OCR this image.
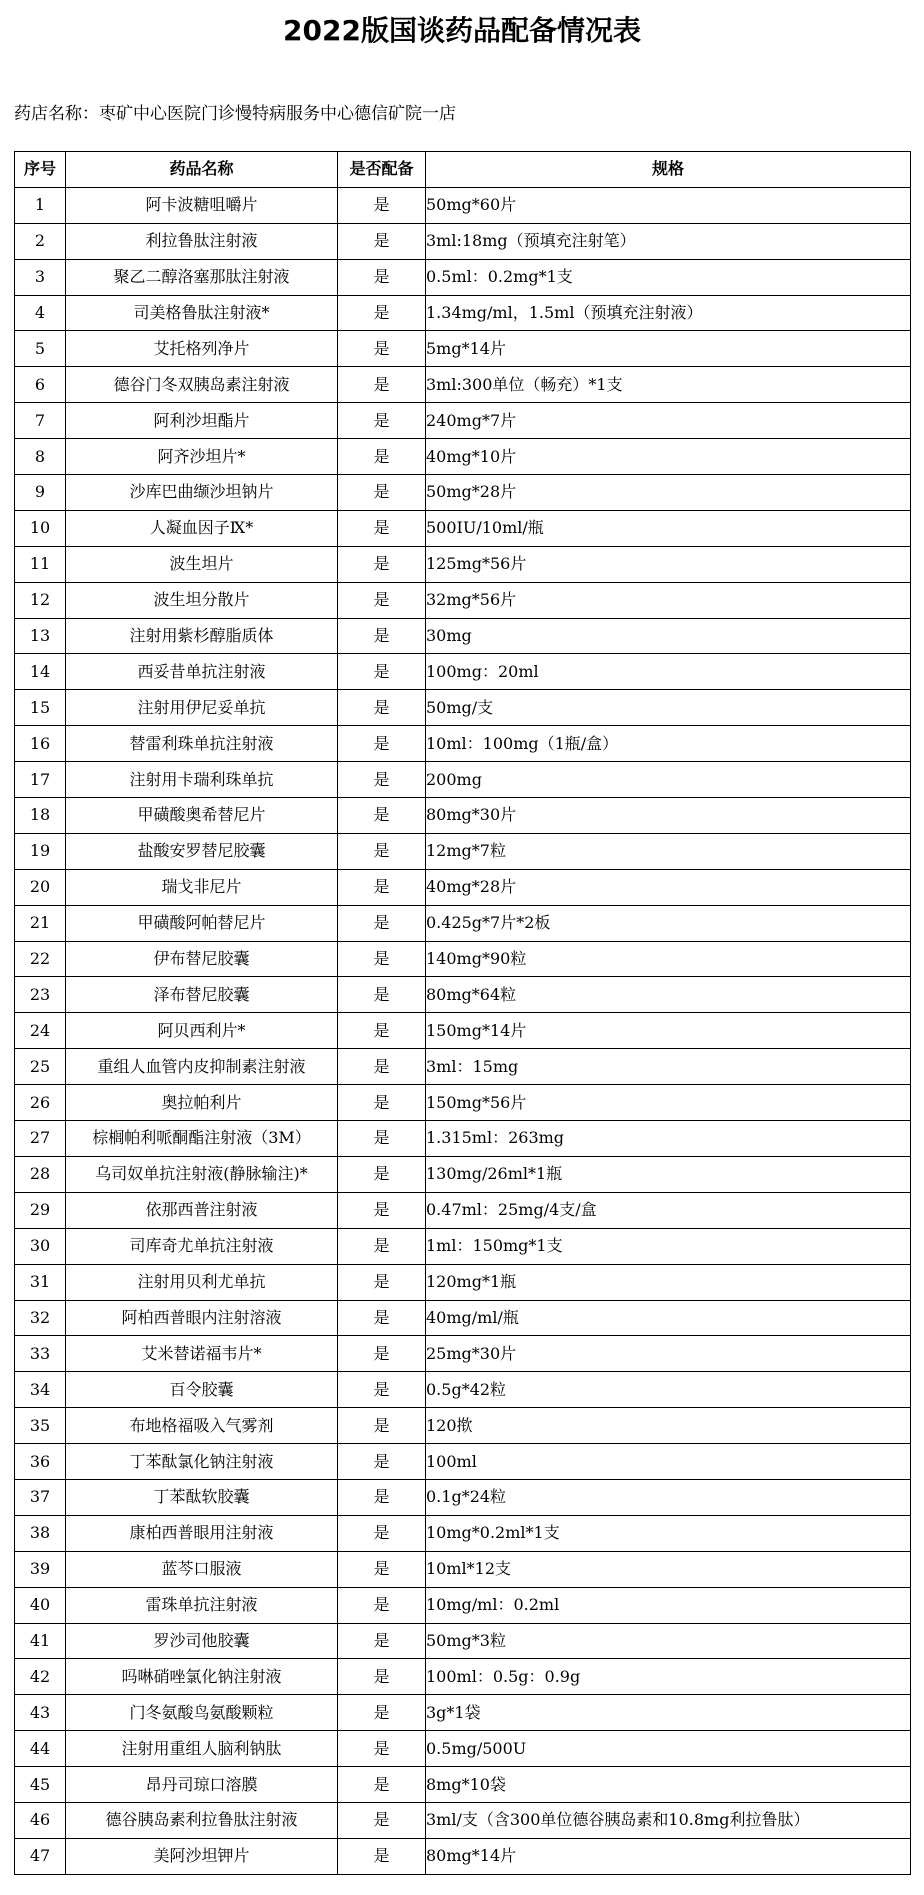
2022版国谈药品配备情况表
药店名称：枣矿中心医院门诊慢特病服务中心德信矿院一店
序号	药品名称	是否配备	规格
1	阿卡波糖咀嚼片	是	50mg*60片
2	利拉鲁肽注射液	是	3ml:18mg（预填充注射笔）
3	聚乙二醇洛塞那肽注射液	是	0.5ml：0.2mg*1支
4	司美格鲁肽注射液*	是	1.34mg/ml，1.5ml（预填充注射液）
5	艾托格列净片	是	5mg*14片
6	德谷门冬双胰岛素注射液	是	3ml:300单位（畅充）*1支
7	阿利沙坦酯片	是	240mg*7片
8	阿齐沙坦片*	是	40mg*10片
9	沙库巴曲缬沙坦钠片	是	50mg*28片
10	人凝血因子Ⅸ*	是	500IU/10ml/瓶
11	波生坦片	是	125mg*56片
12	波生坦分散片	是	32mg*56片
13	注射用紫杉醇脂质体	是	30mg
14	西妥昔单抗注射液	是	100mg：20ml
15	注射用伊尼妥单抗	是	50mg/支
16	替雷利珠单抗注射液	是	10ml：100mg（1瓶/盒）
17	注射用卡瑞利珠单抗	是	200mg
18	甲磺酸奥希替尼片	是	80mg*30片
19	盐酸安罗替尼胶囊	是	12mg*7粒
20	瑞戈非尼片	是	40mg*28片
21	甲磺酸阿帕替尼片	是	0.425g*7片*2板
22	伊布替尼胶囊	是	140mg*90粒
23	泽布替尼胶囊	是	80mg*64粒
24	阿贝西利片*	是	150mg*14片
25	重组人血管内皮抑制素注射液	是	3ml：15mg
26	奥拉帕利片	是	150mg*56片
27	棕榈帕利哌酮酯注射液（3M）	是	1.315ml：263mg
28	乌司奴单抗注射液(静脉输注)*	是	130mg/26ml*1瓶
29	依那西普注射液	是	0.47ml：25mg/4支/盒
30	司库奇尤单抗注射液	是	1ml：150mg*1支
31	注射用贝利尤单抗	是	120mg*1瓶
32	阿柏西普眼内注射溶液	是	40mg/ml/瓶
33	艾米替诺福韦片*	是	25mg*30片
34	百令胶囊	是	0.5g*42粒
35	布地格福吸入气雾剂	是	120揿
36	丁苯酞氯化钠注射液	是	100ml
37	丁苯酞软胶囊	是	0.1g*24粒
38	康柏西普眼用注射液	是	10mg*0.2ml*1支
39	蓝芩口服液	是	10ml*12支
40	雷珠单抗注射液	是	10mg/ml：0.2ml
41	罗沙司他胶囊	是	50mg*3粒
42	吗啉硝唑氯化钠注射液	是	100ml：0.5g：0.9g
43	门冬氨酸鸟氨酸颗粒	是	3g*1袋
44	注射用重组人脑利钠肽	是	0.5mg/500U
45	昂丹司琼口溶膜	是	8mg*10袋
46	德谷胰岛素利拉鲁肽注射液	是	3ml/支（含300单位德谷胰岛素和10.8mg利拉鲁肽）
47	美阿沙坦钾片	是	80mg*14片
